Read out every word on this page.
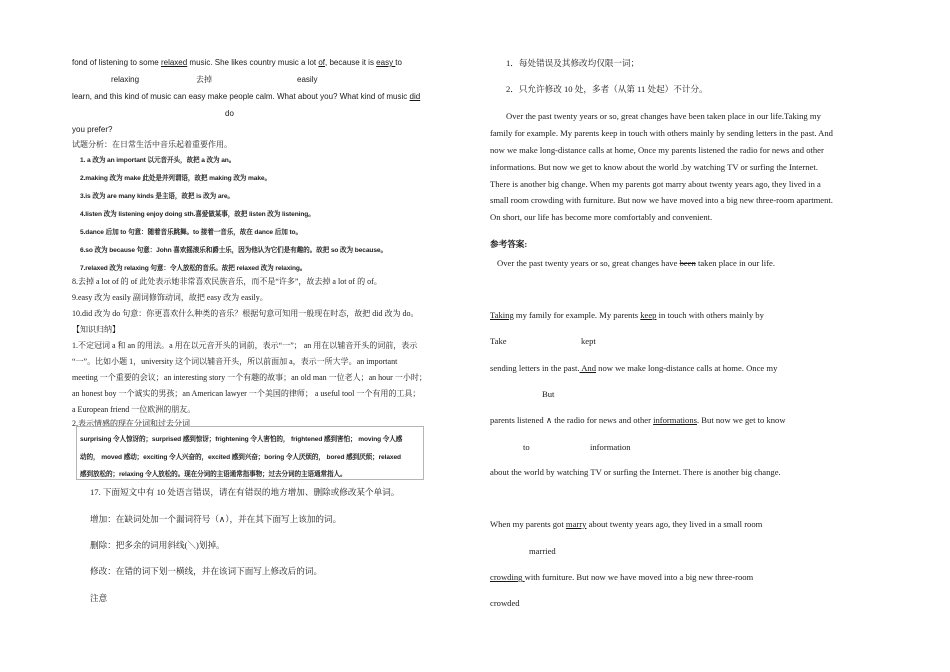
fond of listening to some relaxed music. She likes country music a lot of, because it is easy to
relaxing	去掉	easily
learn, and this kind of music can easy make people calm. What about you? What kind of music did
do
you prefer?
试题分析：在日常生活中音乐起着重要作用。
1. a 改为 an important 以元音开头，故把 a 改为 an。
2.making 改为 make 此处是并列谓语，故把 making 改为 make。
3.is 改为 are many kinds 是主语，故把 is 改为 are。
4.listen 改为 listening enjoy doing sth.喜爱做某事，故把 listen 改为 listening。
5.dance 后加 to 句意：随着音乐跳舞。to 接着一音乐，故在 dance 后加 to。
6.so 改为 because 句意：John 喜欢摇滚乐和爵士乐，因为他认为它们是有趣的。故把 so 改为 because。
7.relaxed 改为 relaxing 句意：令人放松的音乐。故把 relaxed 改为 relaxing。
8.去掉 a lot of 的 of 此处表示她非常喜欢民族音乐，而不是“许多”，故去掉 a lot of 的 of。
9.easy 改为 easily 副词修饰动词，故把 easy 改为 easily。
10.did 改为 do 句意：你更喜欢什么种类的音乐？根据句意可知用一般现在时态，故把 did 改为 do。
【知识归纳】
1.不定冠词 a 和 an 的用法。a 用在以元音开头的词前，表示“一”； an 用在以辅音开头的词前，表示
“一”。比如小题 1，university 这个词以辅音开头，所以前面加 a，表示一所大学。an important
meeting 一个重要的会议；an interesting story 一个有趣的故事；an old man 一位老人；an hour 一小时；
an honest boy 一个诚实的男孩；an American lawyer 一个美国的律师； a useful tool 一个有用的工具；
a European friend 一位欧洲的朋友。
2.表示情感的现在分词和过去分词
surprising 令人惊讶的；surprised 感到惊讶；frightening 令人害怕的， frightened 感到害怕； moving 令人感
动的， moved 感动；exciting 令人兴奋的，excited 感到兴奋；boring 令人厌烦的， bored 感到厌烦；relaxed
感到放松的；relaxing 令人放松的。现在分词的主语通常指事物；过去分词的主语通常指人。
17. 下面短文中有 10 处语言错误，请在有错误的地方增加、删除或修改某个单词。
增加：在缺词处加一个漏词符号（∧），并在其下面写上该加的词。
删除：把多余的词用斜线(＼)划掉。
修改：在错的词下划一横线，并在该词下面写上修改后的词。
注意
1．每处错误及其修改均仅限一词；
2．只允许修改 10 处，多者（从第 11 处起）不计分。
Over the past twenty years or so, great changes have been taken place in our life.Taking my
family for example. My parents keep in touch with others mainly by sending letters in the past. And
now we make long-distance calls at home, Once my parents listened the radio for news and other
informations. But now we get to know about the world .by watching TV or surfing the Internet.
There is another big change. When my parents got marry about twenty years ago, they lived in a
small room crowding with furniture. But now we have moved into a big new three-room apartment.
On short, our life has become more comfortably and convenient.
参考答案:
Over the past twenty years or so, great changes have been taken place in our life.
Taking my family for example. My parents keep in touch with others mainly by
Take	kept
sending letters in the past. And now we make long-distance calls at home. Once my
But
parents listened ∧ the radio for news and other informations. But now we get to know
to	information
about the world by watching TV or surfing the Internet. There is another big change.
When my parents got marry about twenty years ago, they lived in a small room
married
crowding with furniture. But now we have moved into a big new three-room
crowded
